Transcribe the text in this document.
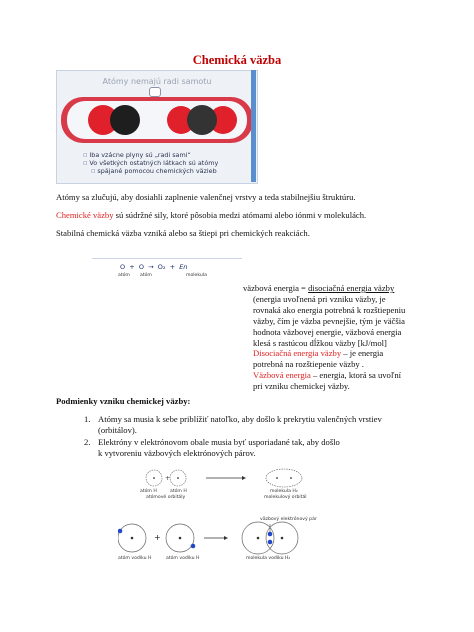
Chemická väzba
Atómy nemajú radi samotu
▫ Iba vzácne plyny sú „radi sami“
▫ Vo všetkých ostatných látkach sú atómy
▫ spájané pomocou chemických väzieb
Atómy sa zlučujú, aby dosiahli zaplnenie valenčnej vrstvy a teda stabilnejšiu štruktúru.
Chemické väzby sú súdržné sily, ktoré pôsobia medzi atómami alebo iónmi v molekulách.
Stabilná chemická väzba vzniká alebo sa štiepi pri chemických reakciách.
O + O → O₂ + En
atóm atóm	molekula
väzbová energia = disociačná energia väzby
(energia uvoľnená pri vzniku väzby, je
rovnaká ako energia potrebná k rozštiepeniu
väzby, čím je väzba pevnejšie, tým je väčšia
hodnota väzbovej energie, väzbová energia
klesá s rastúcou dĺžkou väzby [kJ/mol]
Disociačná energia väzby – je energia
potrebná na rozštiepenie väzby .
Väzbová energia – energia, ktorá sa uvoľní
pri vzniku chemickej väzby.
Podmienky vzniku chemickej väzby:
1. Atómy sa musia k sebe priblížiť natoľko, aby došlo k prekrytiu valenčných vrstiev
(orbitálov).
2. Elektróny v elektrónovom obale musia byť usporiadané tak, aby došlo
k vytvoreniu väzbových elektrónových párov.
+
+
atóm H	atóm H
atómové orbitály
molekula H₂
molekulový orbitál
väzbový elektrónový pár
atóm vodíku H	atóm vodíku H	molekula vodíku H₂
